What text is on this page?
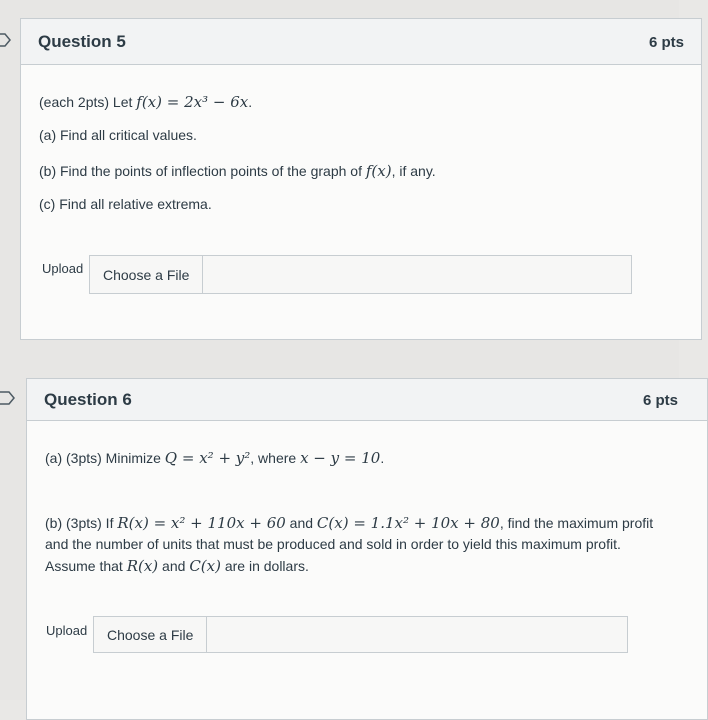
Question 5	6 pts
(each 2pts) Let f(x) = 2x³ − 6x.
(a) Find all critical values.
(b) Find the points of inflection points of the graph of f(x), if any.
(c) Find all relative extrema.
Upload	Choose a File
Question 6	6 pts
(a) (3pts) Minimize Q = x² + y², where x − y = 10.
(b) (3pts) If R(x) = x² + 110x + 60 and C(x) = 1.1x² + 10x + 80, find the maximum profit
and the number of units that must be produced and sold in order to yield this maximum profit.
Assume that R(x) and C(x) are in dollars.
Upload	Choose a File
